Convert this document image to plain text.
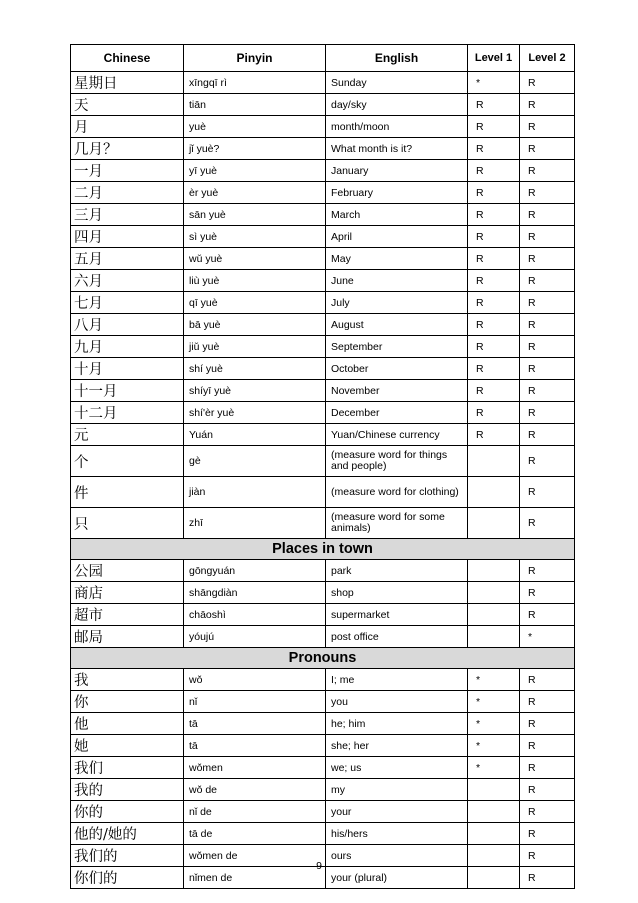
Chinese	Pinyin	English	Level 1	Level 2
星期日	xīngqī rì	Sunday	*	R
天	tiān	day/sky	R	R
月	yuè	month/moon	R	R
几月？	jǐ yuè?	What month is it?	R	R
一月	yī yuè	January	R	R
二月	èr yuè	February	R	R
三月	sān yuè	March	R	R
四月	sì yuè	April	R	R
五月	wǔ yuè	May	R	R
六月	liù yuè	June	R	R
七月	qī yuè	July	R	R
八月	bā yuè	August	R	R
九月	jiǔ yuè	September	R	R
十月	shí yuè	October	R	R
十一月	shíyī yuè	November	R	R
十二月	shí'èr yuè	December	R	R
元	Yuán	Yuan/Chinese currency	R	R
个	gè	(measure word for things and people)		R
件	jiàn	(measure word for clothing)		R
只	zhī	(measure word for some animals)		R
Places in town				
公园	gōngyuán	park		R
商店	shāngdiàn	shop		R
超市	chāoshì	supermarket		R
邮局	yóujú	post office		*
Pronouns				
我	wǒ	I; me	*	R
你	nǐ	you	*	R
他	tā	he; him	*	R
她	tā	she; her	*	R
我们	wǒmen	we; us	*	R
我的	wǒ de	my		R
你的	nǐ de	your		R
他的/她的	tā de	his/hers		R
我们的	wǒmen de	ours		R
你们的	nǐmen de	your (plural)		R
9
